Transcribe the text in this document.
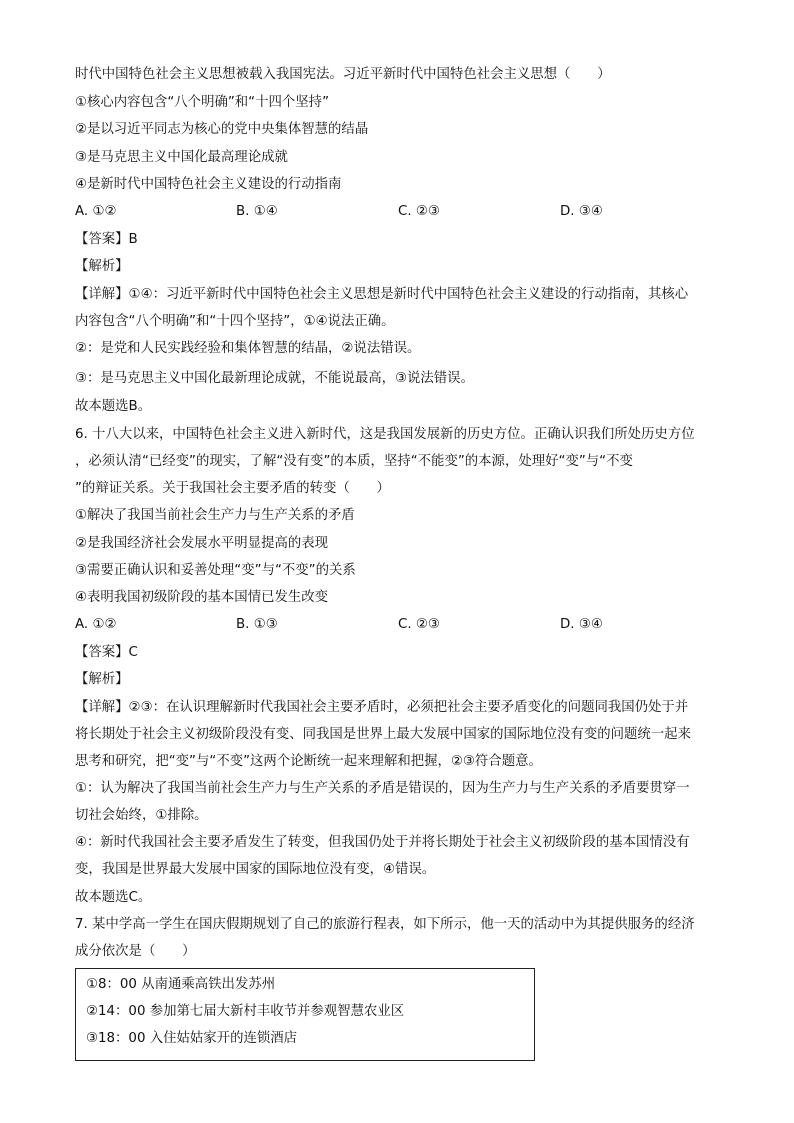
时代中国特色社会主义思想被载入我国宪法。习近平新时代中国特色社会主义思想（　　）
①核心内容包含“八个明确”和“十四个坚持”
②是以习近平同志为核心的党中央集体智慧的结晶
③是马克思主义中国化最高理论成就
④是新时代中国特色社会主义建设的行动指南
A. ①②	B. ①④	C. ②③	D. ③④
【答案】B
【解析】
【详解】①④：习近平新时代中国特色社会主义思想是新时代中国特色社会主义建设的行动指南，其核心
内容包含“八个明确”和“十四个坚持”，①④说法正确。
②：是党和人民实践经验和集体智慧的结晶，②说法错误。
③：是马克思主义中国化最新理论成就，不能说最高，③说法错误。
故本题选B。
6. 十八大以来，中国特色社会主义进入新时代，这是我国发展新的历史方位。正确认识我们所处历史方位
，必须认清“已经变”的现实，了解“没有变”的本质，坚持“不能变”的本源，处理好“变”与“不变
”的辩证关系。关于我国社会主要矛盾的转变（　　）
①解决了我国当前社会生产力与生产关系的矛盾
②是我国经济社会发展水平明显提高的表现
③需要正确认识和妥善处理“变”与“不变”的关系
④表明我国初级阶段的基本国情已发生改变
A. ①②	B. ①③	C. ②③	D. ③④
【答案】C
【解析】
【详解】②③：在认识理解新时代我国社会主要矛盾时，必须把社会主要矛盾变化的问题同我国仍处于并
将长期处于社会主义初级阶段没有变、同我国是世界上最大发展中国家的国际地位没有变的问题统一起来
思考和研究，把“变”与“不变”这两个论断统一起来理解和把握，②③符合题意。
①：认为解决了我国当前社会生产力与生产关系的矛盾是错误的，因为生产力与生产关系的矛盾要贯穿一
切社会始终，①排除。
④：新时代我国社会主要矛盾发生了转变，但我国仍处于并将长期处于社会主义初级阶段的基本国情没有
变，我国是世界最大发展中国家的国际地位没有变，④错误。
故本题选C。
7. 某中学高一学生在国庆假期规划了自己的旅游行程表，如下所示，他一天的活动中为其提供服务的经济
成分依次是（　　）
①8：00 从南通乘高铁出发苏州
②14：00 参加第七届大新村丰收节并参观智慧农业区
③18：00 入住姑姑家开的连锁酒店
